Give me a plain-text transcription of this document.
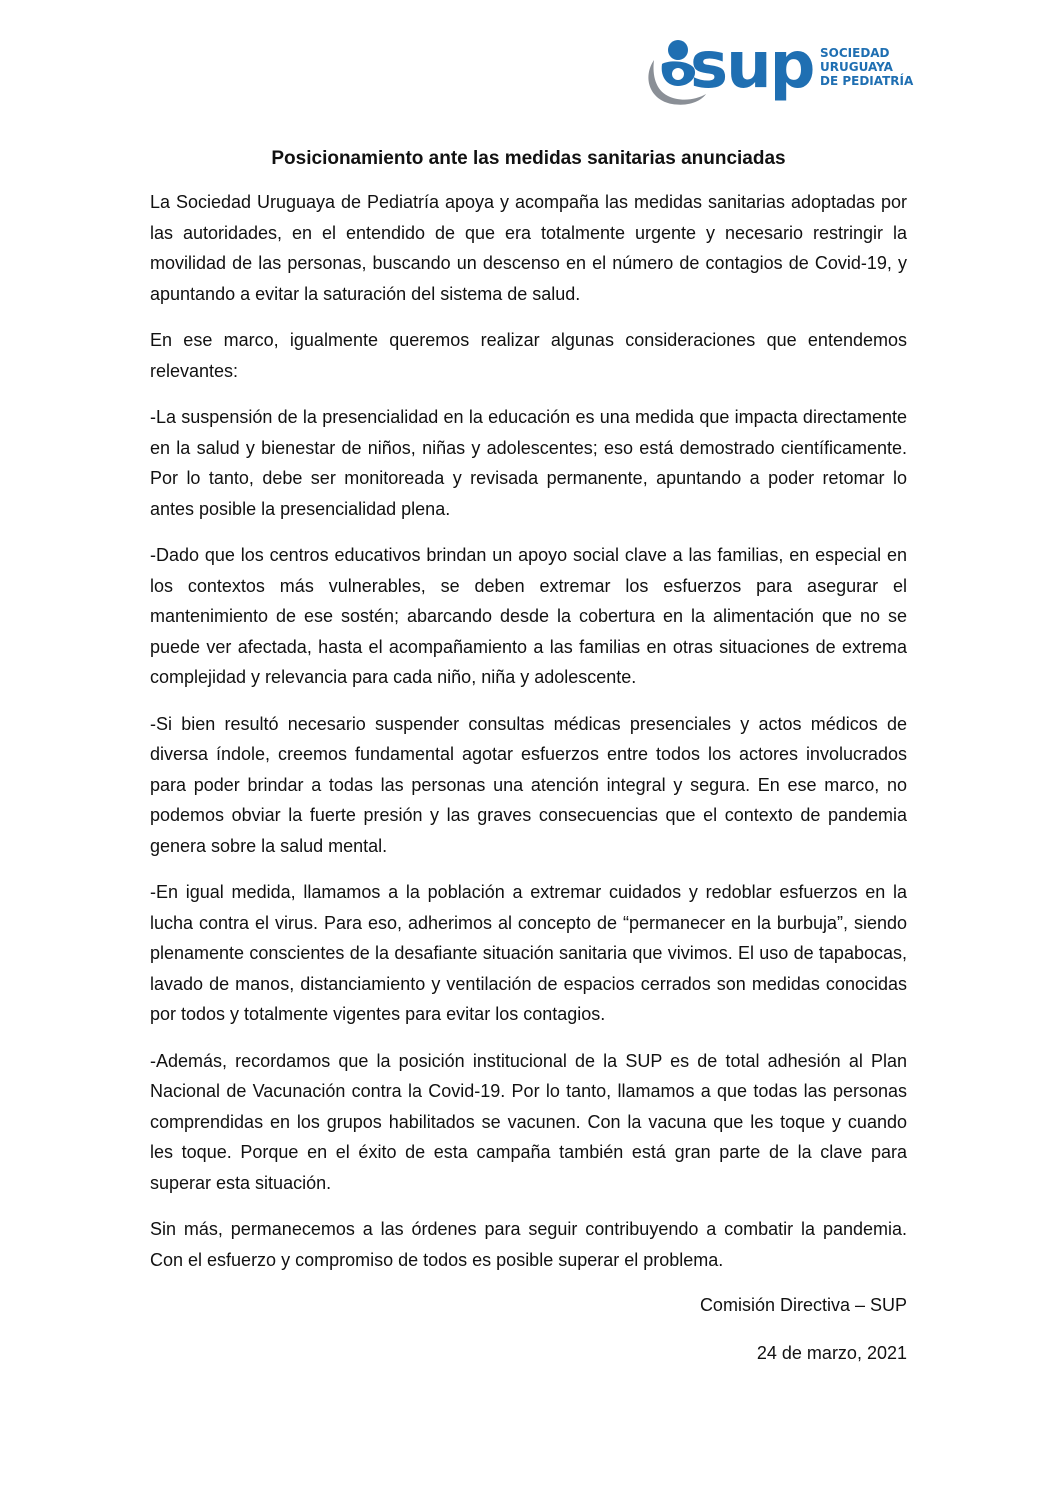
sup SOCIEDAD
URUGUAYA
DE PEDIATRÍA
Posicionamiento ante las medidas sanitarias anunciadas

La Sociedad Uruguaya de Pediatría apoya y acompaña las medidas sanitarias adoptadas por las autoridades, en el entendido de que era totalmente urgente y necesario restringir la movilidad de las personas, buscando un descenso en el número de contagios de Covid-19, y apuntando a evitar la saturación del sistema de salud.

En ese marco, igualmente queremos realizar algunas consideraciones que entendemos relevantes:

-La suspensión de la presencialidad en la educación es una medida que impacta directamente en la salud y bienestar de niños, niñas y adolescentes; eso está demostrado científicamente. Por lo tanto, debe ser monitoreada y revisada permanente, apuntando a poder retomar lo antes posible la presencialidad plena.

-Dado que los centros educativos brindan un apoyo social clave a las familias, en especial en los contextos más vulnerables, se deben extremar los esfuerzos para asegurar el mantenimiento de ese sostén; abarcando desde la cobertura en la alimentación que no se puede ver afectada, hasta el acompañamiento a las familias en otras situaciones de extrema complejidad y relevancia para cada niño, niña y adolescente.

-Si bien resultó necesario suspender consultas médicas presenciales y actos médicos de diversa índole, creemos fundamental agotar esfuerzos entre todos los actores involucrados para poder brindar a todas las personas una atención integral y segura. En ese marco, no podemos obviar la fuerte presión y las graves consecuencias que el contexto de pandemia genera sobre la salud mental.

-En igual medida, llamamos a la población a extremar cuidados y redoblar esfuerzos en la lucha contra el virus. Para eso, adherimos al concepto de “permanecer en la burbuja”, siendo plenamente conscientes de la desafiante situación sanitaria que vivimos. El uso de tapabocas, lavado de manos, distanciamiento y ventilación de espacios cerrados son medidas conocidas por todos y totalmente vigentes para evitar los contagios.

-Además, recordamos que la posición institucional de la SUP es de total adhesión al Plan Nacional de Vacunación contra la Covid-19. Por lo tanto, llamamos a que todas las personas comprendidas en los grupos habilitados se vacunen. Con la vacuna que les toque y cuando les toque. Porque en el éxito de esta campaña también está gran parte de la clave para superar esta situación.

Sin más, permanecemos a las órdenes para seguir contribuyendo a combatir la pandemia. Con el esfuerzo y compromiso de todos es posible superar el problema.

Comisión Directiva – SUP
24 de marzo, 2021
